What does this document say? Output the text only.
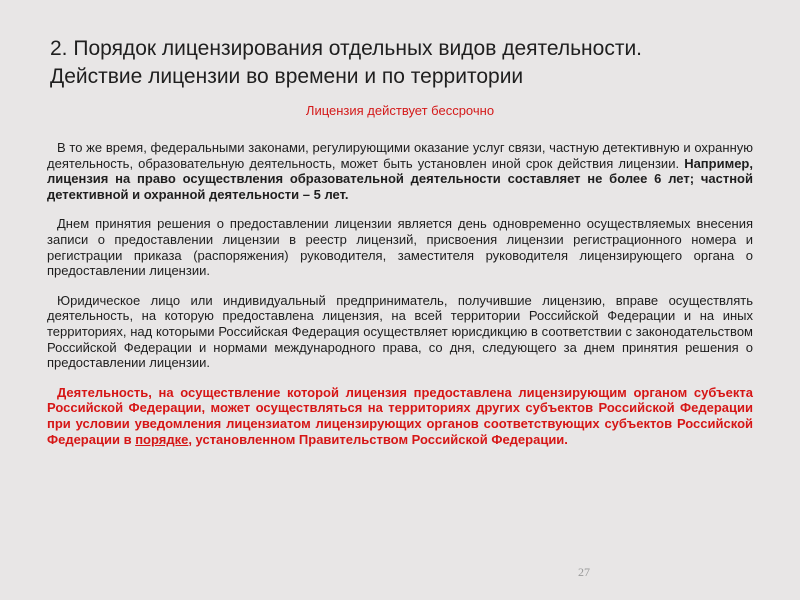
2. Порядок лицензирования отдельных видов деятельности.
Действие лицензии во времени и по территории
Лицензия действует бессрочно

В то же время, федеральными законами, регулирующими оказание услуг связи, частную детективную и охранную деятельность, образовательную деятельность, может быть установлен иной срок действия лицензии. Например, лицензия на право осуществления образовательной деятельности составляет не более 6 лет; частной детективной и охранной деятельности – 5 лет.

Днем принятия решения о предоставлении лицензии является день одновременно осуществляемых внесения записи о предоставлении лицензии в реестр лицензий, присвоения лицензии регистрационного номера и регистрации приказа (распоряжения) руководителя, заместителя руководителя лицензирующего органа о предоставлении лицензии.

Юридическое лицо или индивидуальный предприниматель, получившие лицензию, вправе осуществлять деятельность, на которую предоставлена лицензия, на всей территории Российской Федерации и на иных территориях, над которыми Российская Федерация осуществляет юрисдикцию в соответствии с законодательством Российской Федерации и нормами международного права, со дня, следующего за днем принятия решения о предоставлении лицензии.

Деятельность, на осуществление которой лицензия предоставлена лицензирующим органом субъекта Российской Федерации, может осуществляться на территориях других субъектов Российской Федерации при условии уведомления лицензиатом лицензирующих органов соответствующих субъектов Российской Федерации в порядке, установленном Правительством Российской Федерации.

27
